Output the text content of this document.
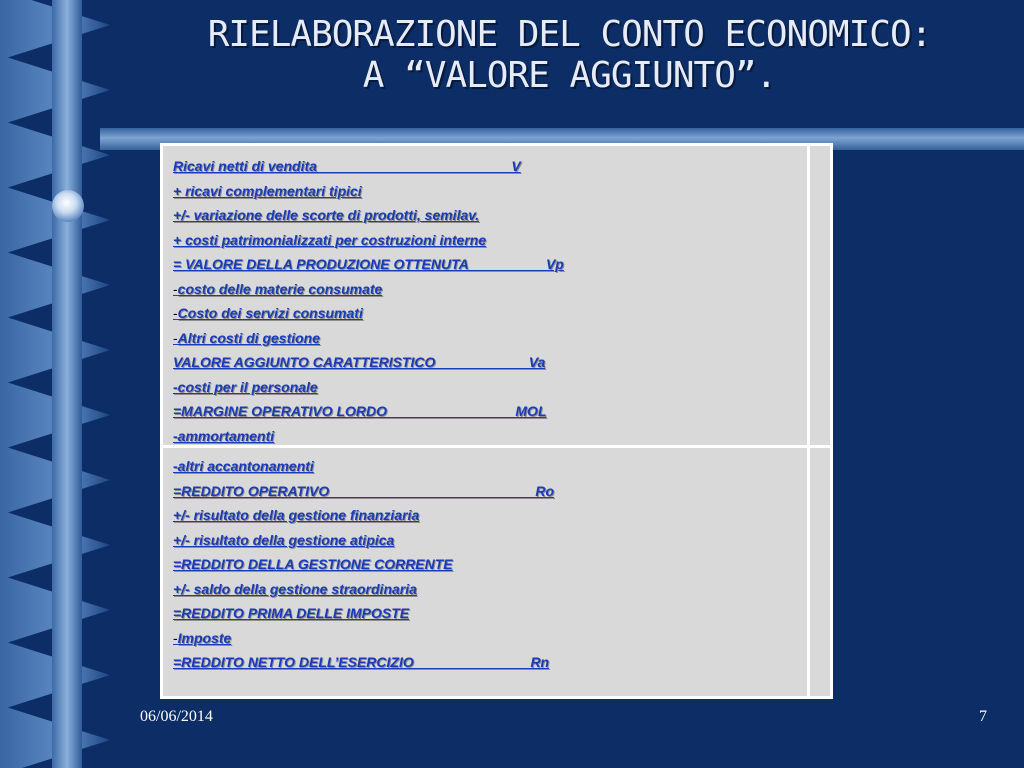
RIELABORAZIONE DEL CONTO ECONOMICO:
A “VALORE AGGIUNTO”.
Ricavi netti di vendita                                                  V
+ ricavi complementari tipici
+/- variazione delle scorte di prodotti, semilav.
+ costi patrimonializzati per costruzioni interne
= VALORE DELLA PRODUZIONE OTTENUTA                    Vp
-costo delle materie consumate
-Costo dei servizi consumati
-Altri costi di gestione
VALORE AGGIUNTO CARATTERISTICO                        Va
-costi per il personale
=MARGINE OPERATIVO LORDO                                 MOL
-ammortamenti
-altri accantonamenti
=REDDITO OPERATIVO                                                     Ro
+/- risultato della gestione finanziaria
+/- risultato della gestione atipica
=REDDITO DELLA GESTIONE CORRENTE
+/- saldo della gestione straordinaria
=REDDITO PRIMA DELLE IMPOSTE
-Imposte
=REDDITO NETTO DELL’ESERCIZIO                              Rn
06/06/2014	7
